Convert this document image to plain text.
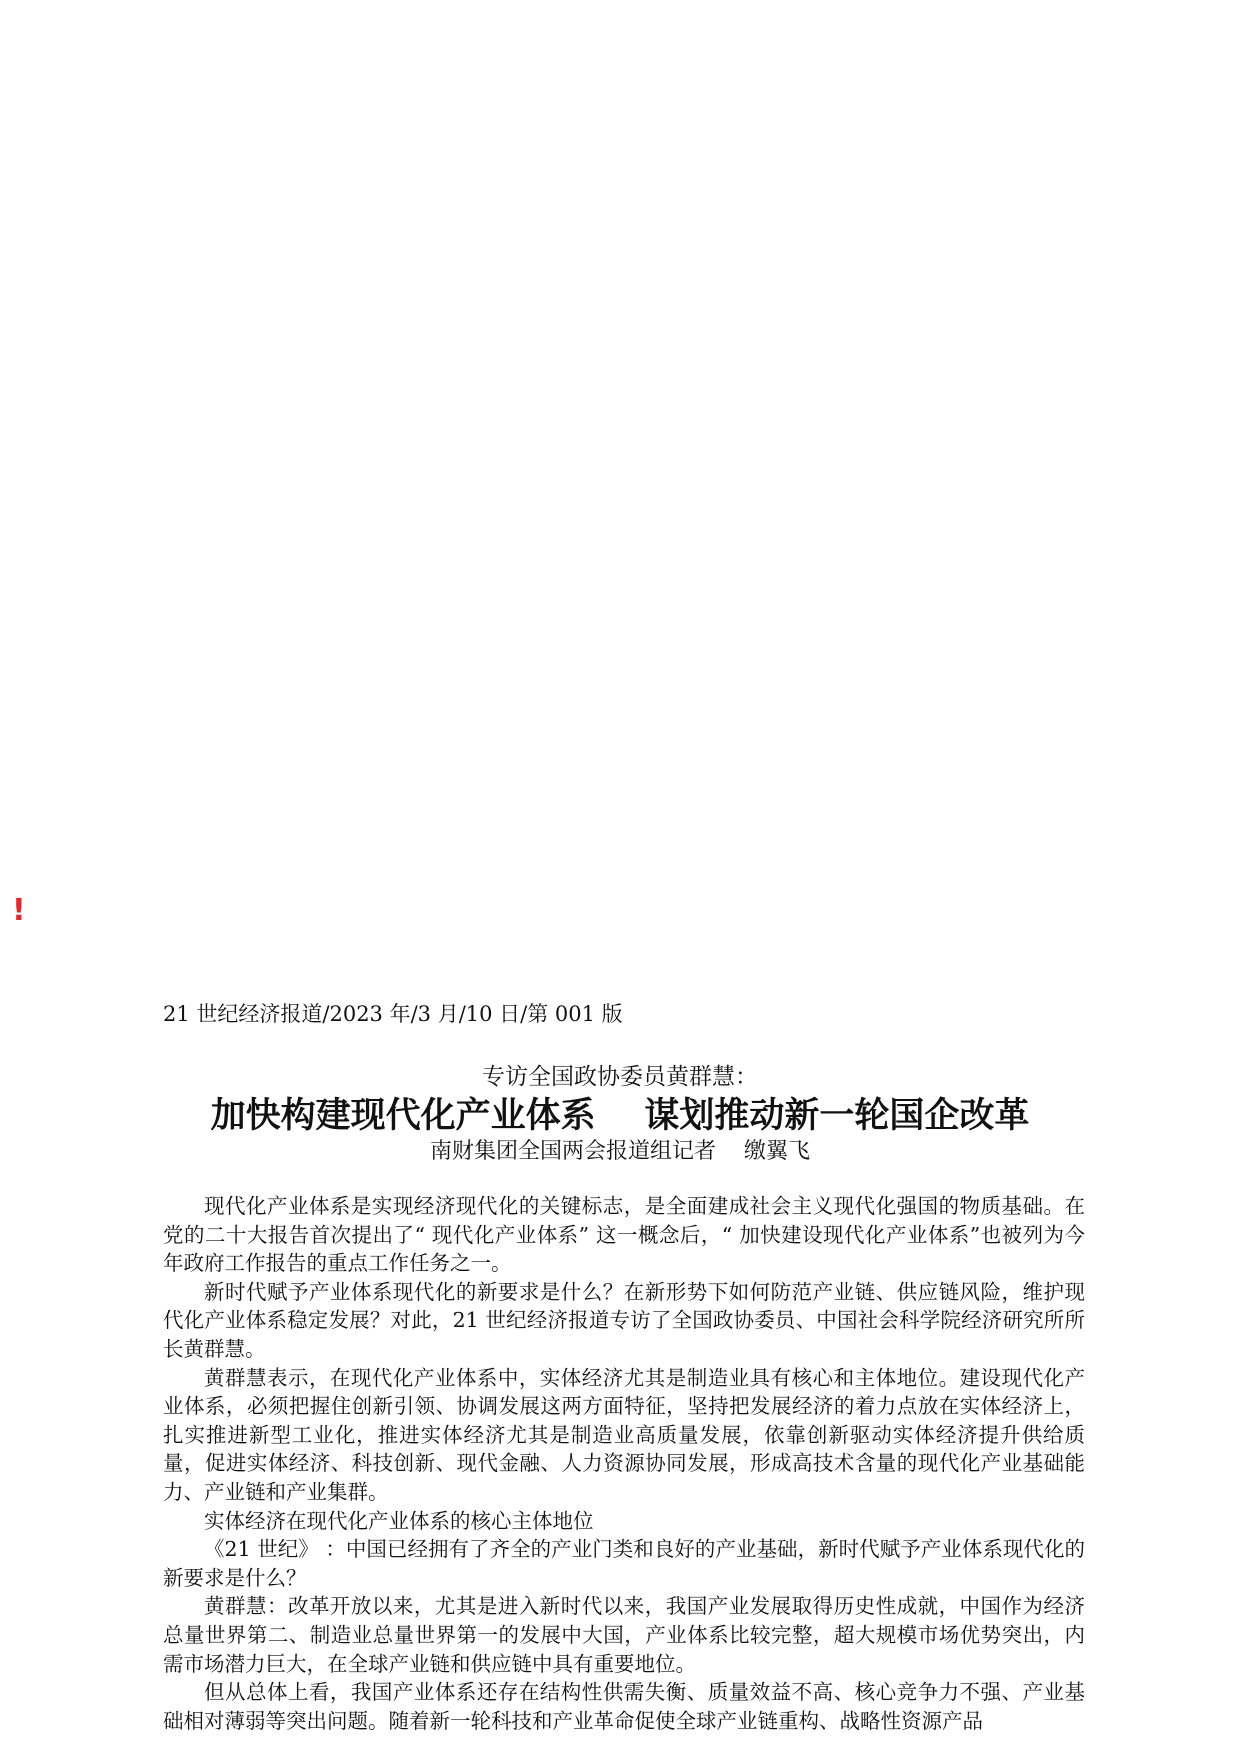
!
21 世纪经济报道/2023 年/3 月/10 日/第 001 版
专访全国政协委员黄群慧：
加快构建现代化产业体系    谋划推动新一轮国企改革
南财集团全国两会报道组记者    缴翼飞

现代化产业体系是实现经济现代化的关键标志，是全面建成社会主义现代化强国的物质基础。在党的二十大报告首次提出了“ 现代化产业体系” 这一概念后，“ 加快建设现代化产业体系”也被列为今年政府工作报告的重点工作任务之一。

新时代赋予产业体系现代化的新要求是什么？在新形势下如何防范产业链、供应链风险，维护现代化产业体系稳定发展？对此，21 世纪经济报道专访了全国政协委员、中国社会科学院经济研究所所长黄群慧。

黄群慧表示，在现代化产业体系中，实体经济尤其是制造业具有核心和主体地位。建设现代化产业体系，必须把握住创新引领、协调发展这两方面特征，坚持把发展经济的着力点放在实体经济上，扎实推进新型工业化，推进实体经济尤其是制造业高质量发展，依靠创新驱动实体经济提升供给质量，促进实体经济、科技创新、现代金融、人力资源协同发展，形成高技术含量的现代化产业基础能力、产业链和产业集群。

实体经济在现代化产业体系的核心主体地位

《21 世纪》 ：中国已经拥有了齐全的产业门类和良好的产业基础，新时代赋予产业体系现代化的新要求是什么？

黄群慧：改革开放以来，尤其是进入新时代以来，我国产业发展取得历史性成就，中国作为经济总量世界第二、制造业总量世界第一的发展中大国，产业体系比较完整，超大规模市场优势突出，内需市场潜力巨大，在全球产业链和供应链中具有重要地位。

但从总体上看，我国产业体系还存在结构性供需失衡、质量效益不高、核心竞争力不强、产业基础相对薄弱等突出问题。随着新一轮科技和产业革命促使全球产业链重构、战略性资源产品
